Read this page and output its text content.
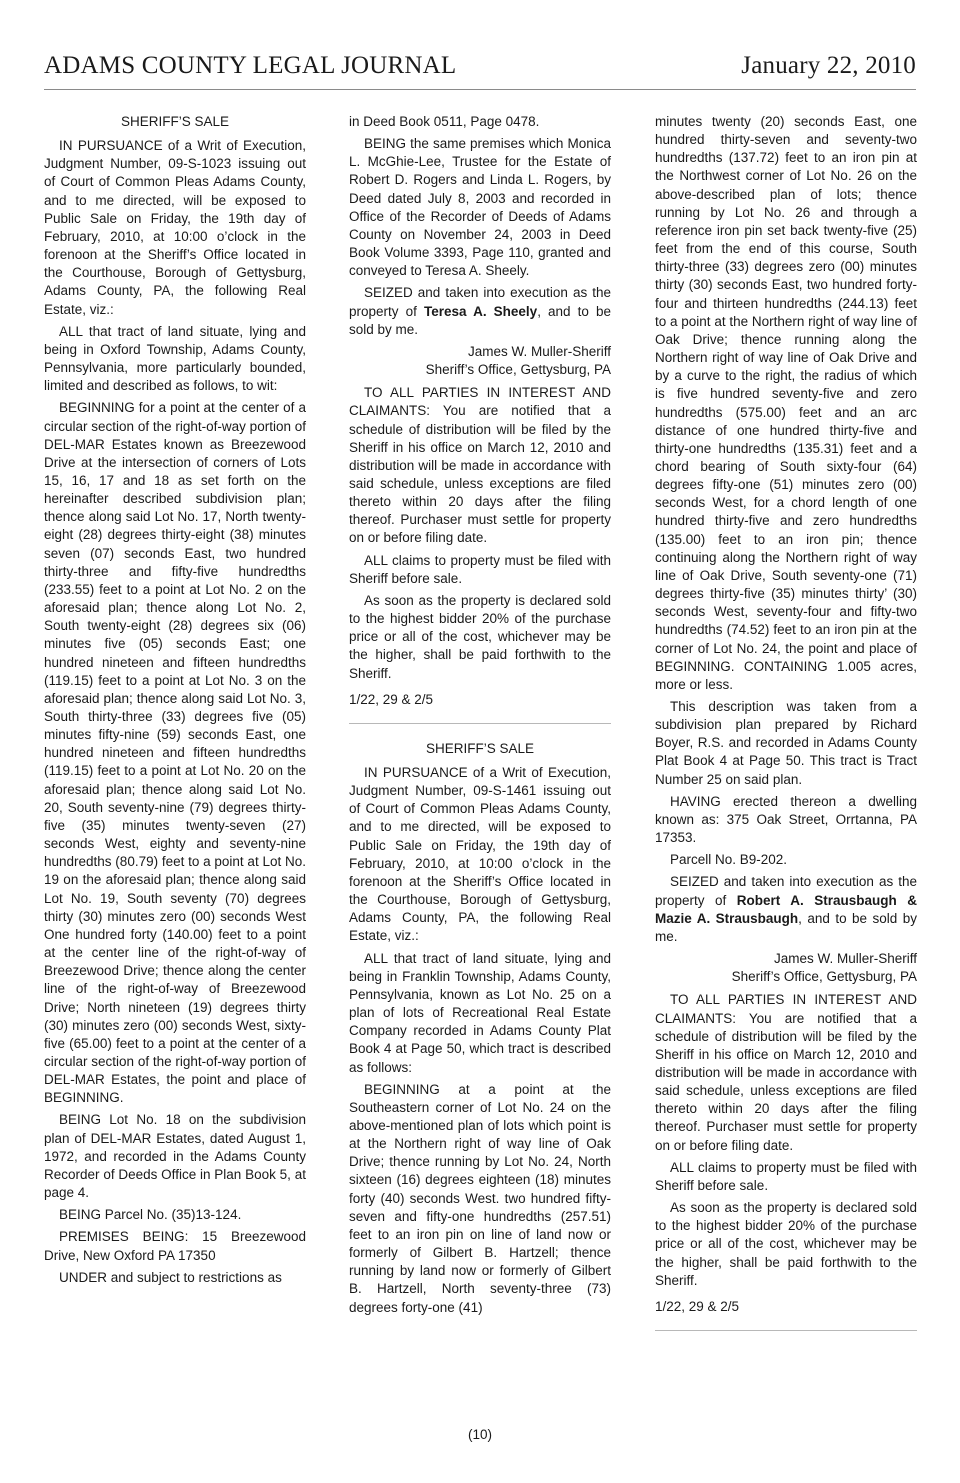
ADAMS COUNTY LEGAL JOURNAL	January 22, 2010

SHERIFF’S SALE

IN PURSUANCE of a Writ of Execution, Judgment Number, 09-S-1023 issuing out of Court of Common Pleas Adams County, and to me directed, will be exposed to Public Sale on Friday, the 19th day of February, 2010, at 10:00 o’clock in the forenoon at the Sheriff’s Office located in the Courthouse, Borough of Gettysburg, Adams County, PA, the following Real Estate, viz.:

ALL that tract of land situate, lying and being in Oxford Township, Adams County, Pennsylvania, more particularly bounded, limited and described as follows, to wit:

BEGINNING for a point at the center of a circular section of the right-of-way portion of DEL-MAR Estates known as Breezewood Drive at the intersection of corners of Lots 15, 16, 17 and 18 as set forth on the hereinafter described subdivision plan; thence along said Lot No. 17, North twenty-eight (28) degrees thirty-eight (38) minutes seven (07) seconds East, two hundred thirty-three and fifty-five hundredths (233.55) feet to a point at Lot No. 2 on the aforesaid plan; thence along Lot No. 2, South twenty-eight (28) degrees six (06) minutes five (05) seconds East; one hundred nineteen and fifteen hundredths (119.15) feet to a point at Lot No. 3 on the aforesaid plan; thence along said Lot No. 3, South thirty-three (33) degrees five (05) minutes fifty-nine (59) seconds East, one hundred nineteen and fifteen hundredths (119.15) feet to a point at Lot No. 20 on the aforesaid plan; thence along said Lot No. 20, South seventy-nine (79) degrees thirty-five (35) minutes twenty-seven (27) seconds West, eighty and seventy-nine hundredths (80.79) feet to a point at Lot No. 19 on the aforesaid plan; thence along said Lot No. 19, South seventy (70) degrees thirty (30) minutes zero (00) seconds West One hundred forty (140.00) feet to a point at the center line of the right-of-way of Breezewood Drive; thence along the center line of the right-of-way of Breezewood Drive; North nineteen (19) degrees thirty (30) minutes zero (00) seconds West, sixty-five (65.00) feet to a point at the center of a circular section of the right-of-way portion of DEL-MAR Estates, the point and place of BEGINNING.

BEING Lot No. 18 on the subdivision plan of DEL-MAR Estates, dated August 1, 1972, and recorded in the Adams County Recorder of Deeds Office in Plan Book 5, at page 4.

BEING Parcel No. (35)13-124.

PREMISES BEING: 15 Breezewood Drive, New Oxford PA 17350

UNDER and subject to restrictions as

in Deed Book 0511, Page 0478.

BEING the same premises which Monica L. McGhie-Lee, Trustee for the Estate of Robert D. Rogers and Linda L. Rogers, by Deed dated July 8, 2003 and recorded in Office of the Recorder of Deeds of Adams County on November 24, 2003 in Deed Book Volume 3393, Page 110, granted and conveyed to Teresa A. Sheely.

SEIZED and taken into execution as the property of Teresa A. Sheely, and to be sold by me.

James W. Muller-Sheriff

Sheriff’s Office, Gettysburg, PA

TO ALL PARTIES IN INTEREST AND CLAIMANTS: You are notified that a schedule of distribution will be filed by the Sheriff in his office on March 12, 2010 and distribution will be made in accordance with said schedule, unless exceptions are filed thereto within 20 days after the filing thereof. Purchaser must settle for property on or before filing date.

ALL claims to property must be filed with Sheriff before sale.

As soon as the property is declared sold to the highest bidder 20% of the purchase price or all of the cost, whichever may be the higher, shall be paid forthwith to the Sheriff.

1/22, 29 & 2/5

SHERIFF’S SALE

IN PURSUANCE of a Writ of Execution, Judgment Number, 09-S-1461 issuing out of Court of Common Pleas Adams County, and to me directed, will be exposed to Public Sale on Friday, the 19th day of February, 2010, at 10:00 o’clock in the forenoon at the Sheriff’s Office located in the Courthouse, Borough of Gettysburg, Adams County, PA, the following Real Estate, viz.:

ALL that tract of land situate, lying and being in Franklin Township, Adams County, Pennsylvania, known as Lot No. 25 on a plan of lots of Recreational Real Estate Company recorded in Adams County Plat Book 4 at Page 50, which tract is described as follows:

BEGINNING at a point at the Southeastern corner of Lot No. 24 on the above-mentioned plan of lots which point is at the Northern right of way line of Oak Drive; thence running by Lot No. 24, North sixteen (16) degrees eighteen (18) minutes forty (40) seconds West. two hundred fifty-seven and fifty-one hundredths (257.51) feet to an iron pin on line of land now or formerly of Gilbert B. Hartzell; thence running by land now or formerly of Gilbert B. Hartzell, North seventy-three (73) degrees forty-one (41)

minutes twenty (20) seconds East, one hundred thirty-seven and seventy-two hundredths (137.72) feet to an iron pin at the Northwest corner of Lot No. 26 on the above-described plan of lots; thence running by Lot No. 26 and through a reference iron pin set back twenty-five (25) feet from the end of this course, South thirty-three (33) degrees zero (00) minutes thirty (30) seconds East, two hundred forty-four and thirteen hundredths (244.13) feet to a point at the Northern right of way line of Oak Drive; thence running along the Northern right of way line of Oak Drive and by a curve to the right, the radius of which is five hundred seventy-five and zero hundredths (575.00) feet and an arc distance of one hundred thirty-five and thirty-one hundredths (135.31) feet and a chord bearing of South sixty-four (64) degrees fifty-one (51) minutes zero (00) seconds West, for a chord length of one hundred thirty-five and zero hundredths (135.00) feet to an iron pin; thence continuing along the Northern right of way line of Oak Drive, South seventy-one (71) degrees thirty-five (35) minutes thirty’ (30) seconds West, seventy-four and fifty-two hundredths (74.52) feet to an iron pin at the corner of Lot No. 24, the point and place of BEGINNING. CONTAINING 1.005 acres, more or less.

This description was taken from a subdivision plan prepared by Richard Boyer, R.S. and recorded in Adams County Plat Book 4 at Page 50. This tract is Tract Number 25 on said plan.

HAVING erected thereon a dwelling known as: 375 Oak Street, Orrtanna, PA 17353.

Parcell No. B9-202.

SEIZED and taken into execution as the property of Robert A. Strausbaugh & Mazie A. Strausbaugh, and to be sold by me.

James W. Muller-Sheriff

Sheriff’s Office, Gettysburg, PA

TO ALL PARTIES IN INTEREST AND CLAIMANTS: You are notified that a schedule of distribution will be filed by the Sheriff in his office on March 12, 2010 and distribution will be made in accordance with said schedule, unless exceptions are filed thereto within 20 days after the filing thereof. Purchaser must settle for property on or before filing date.

ALL claims to property must be filed with Sheriff before sale.

As soon as the property is declared sold to the highest bidder 20% of the purchase price or all of the cost, whichever may be the higher, shall be paid forthwith to the Sheriff.

1/22, 29 & 2/5

(10)
